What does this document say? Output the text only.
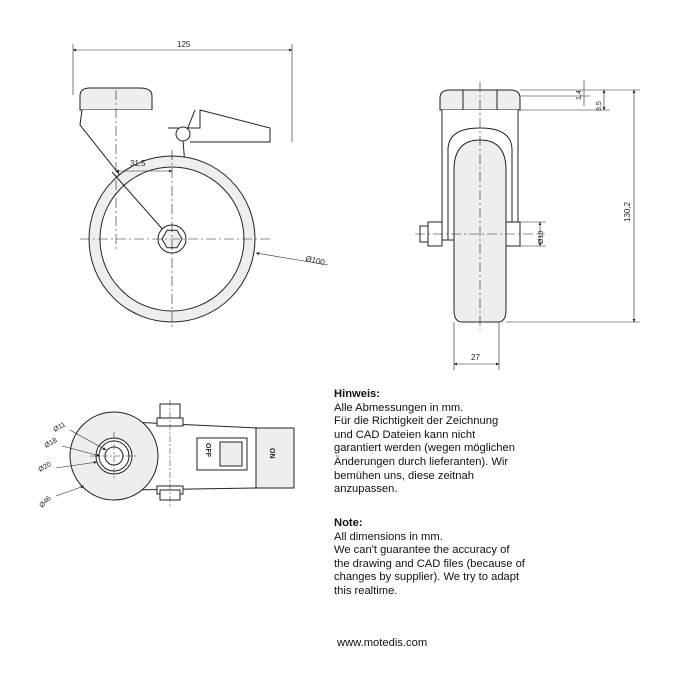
125
31,5
Ø100
1,4
9,5
130,2
Ø10
27
Ø11
Ø18
Ø20
Ø46
OFF	ON

Hinweis:

Alle Abmessungen in mm.
Für die Richtigkeit der Zeichnung
und CAD Dateien kann nicht
garantiert werden (wegen möglichen
Änderungen durch lieferanten). Wir
bemühen uns, diese zeitnah
anzupassen.

Note:

All dimensions in mm.
We can't guarantee the accuracy of
the drawing and CAD files (because of
changes by supplier). We try to adapt
this realtime.

www.motedis.com
